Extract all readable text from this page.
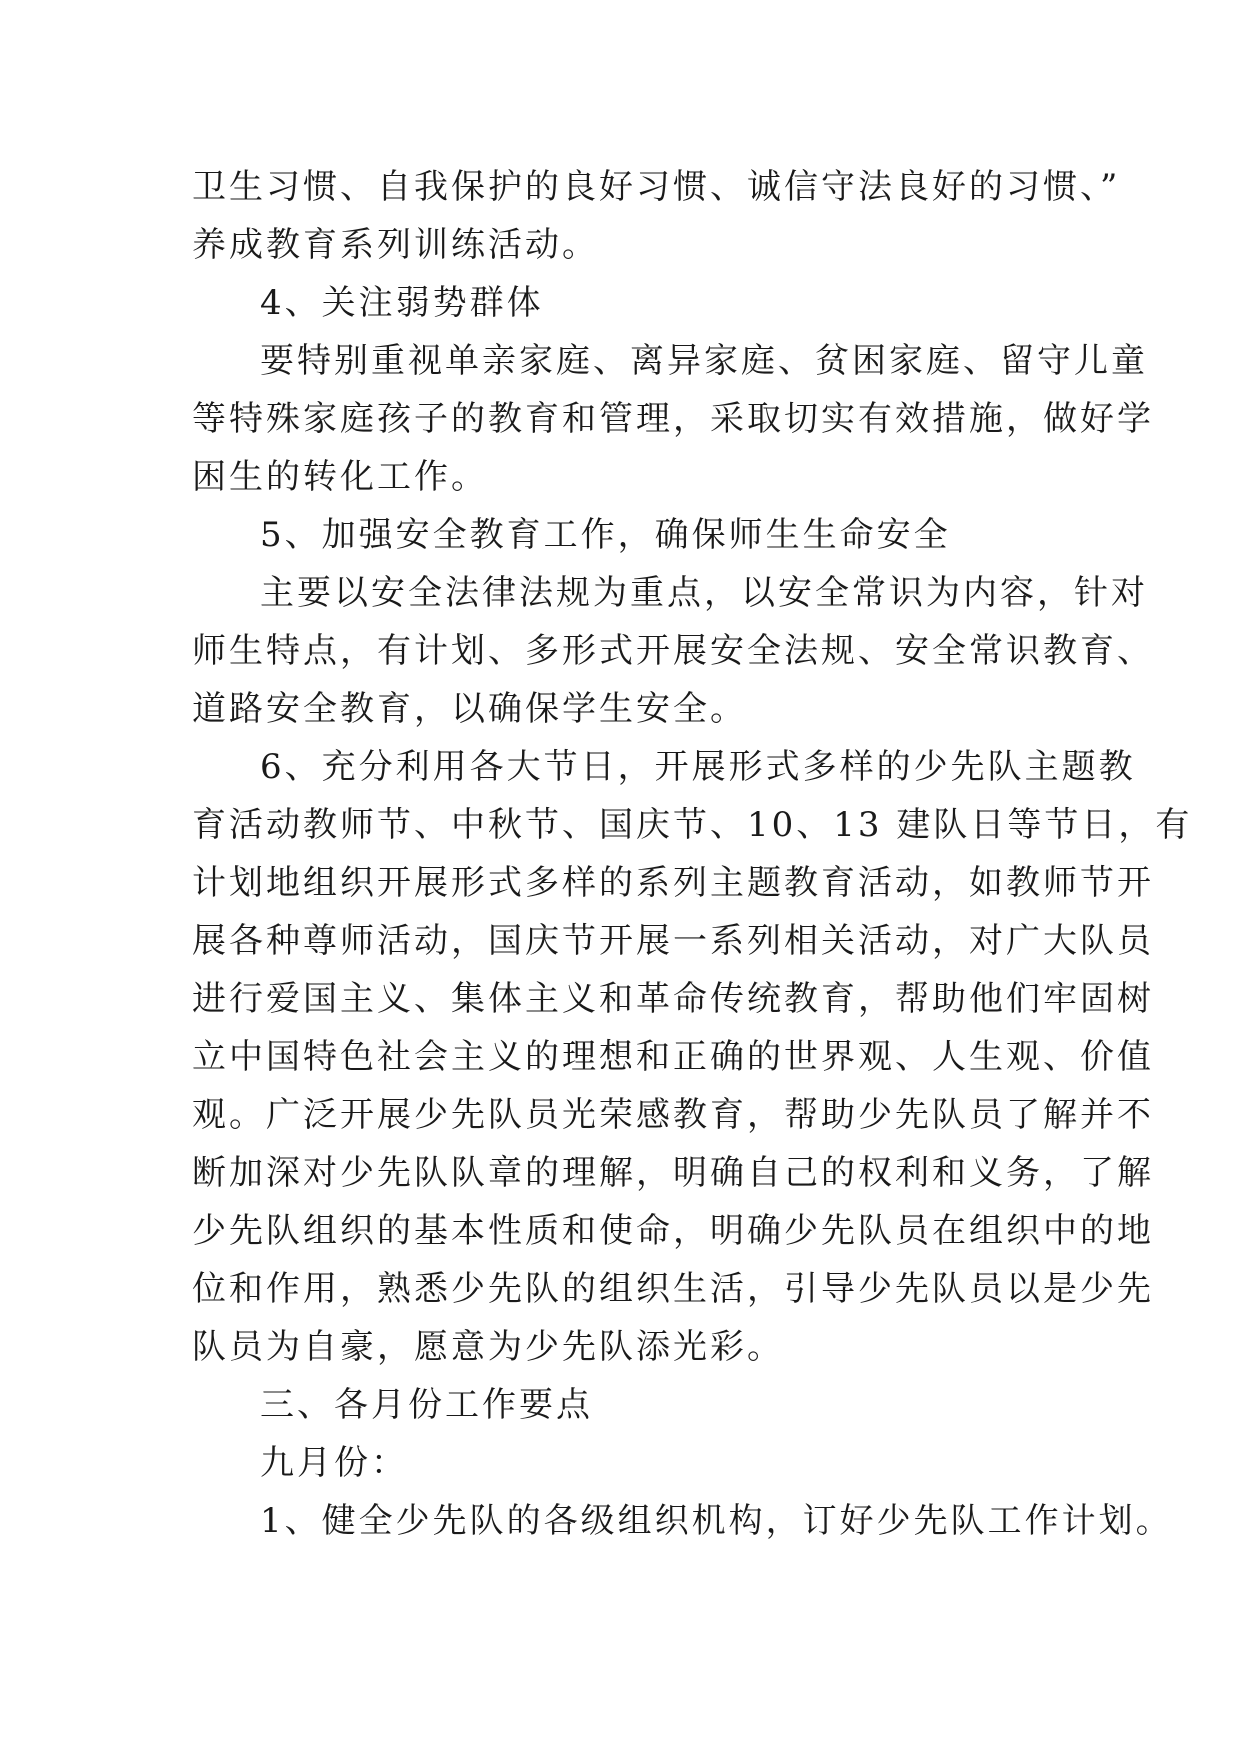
卫生习惯、自我保护的良好习惯、诚信守法良好的习惯、”
养成教育系列训练活动。
4、关注弱势群体
要特别重视单亲家庭、离异家庭、贫困家庭、留守儿童
等特殊家庭孩子的教育和管理，采取切实有效措施，做好学
困生的转化工作。
5、加强安全教育工作，确保师生生命安全
主要以安全法律法规为重点，以安全常识为内容，针对
师生特点，有计划、多形式开展安全法规、安全常识教育、
道路安全教育，以确保学生安全。
6、充分利用各大节日，开展形式多样的少先队主题教
育活动教师节、中秋节、国庆节、10、13 建队日等节日，有
计划地组织开展形式多样的系列主题教育活动，如教师节开
展各种尊师活动，国庆节开展一系列相关活动，对广大队员
进行爱国主义、集体主义和革命传统教育，帮助他们牢固树
立中国特色社会主义的理想和正确的世界观、人生观、价值
观。广泛开展少先队员光荣感教育，帮助少先队员了解并不
断加深对少先队队章的理解，明确自己的权利和义务，了解
少先队组织的基本性质和使命，明确少先队员在组织中的地
位和作用，熟悉少先队的组织生活，引导少先队员以是少先
队员为自豪，愿意为少先队添光彩。
三、各月份工作要点
九月份：
1、健全少先队的各级组织机构，订好少先队工作计划。
